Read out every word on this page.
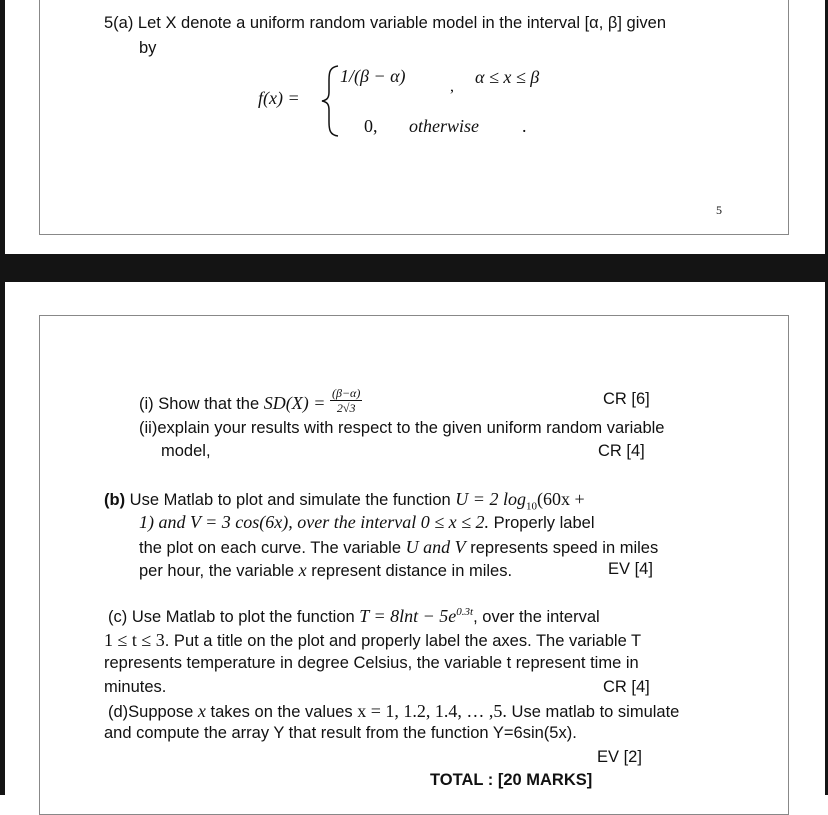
5(a) Let X denote a uniform random variable model in the interval [α, β] given
by
f(x) =
1/(β − α)
, α ≤ x ≤ β
0, otherwise .
5
(i) Show that the $SD(X) = \frac{(\beta-\alpha)}{2√3}$	CR [6]
(ii)explain your results with respect to the given uniform random variable
model,	CR [4]
(b) Use Matlab to plot and simulate the function U = 2 $\log_{10}(60x$ +
1) and V = 3 cos(6x), over the interval 0 ≤ x ≤ 2. Properly label
the plot on each curve. The variable U and V represents speed in miles
per hour, the variable x represent distance in miles.	EV [4]
(c) Use Matlab to plot the function $T = 8\ln t - 5e^{0.3t}$, over the interval
1 ≤ t ≤ 3. Put a title on the plot and properly label the axes. The variable T
represents temperature in degree Celsius, the variable t represent time in
minutes.	CR [4]
(d)Suppose x takes on the values x = 1, 1.2, 1.4, … ,5. Use matlab to simulate
and compute the array Y that result from the function Y=6sin(5x).
EV [2]
TOTAL : [20 MARKS]
